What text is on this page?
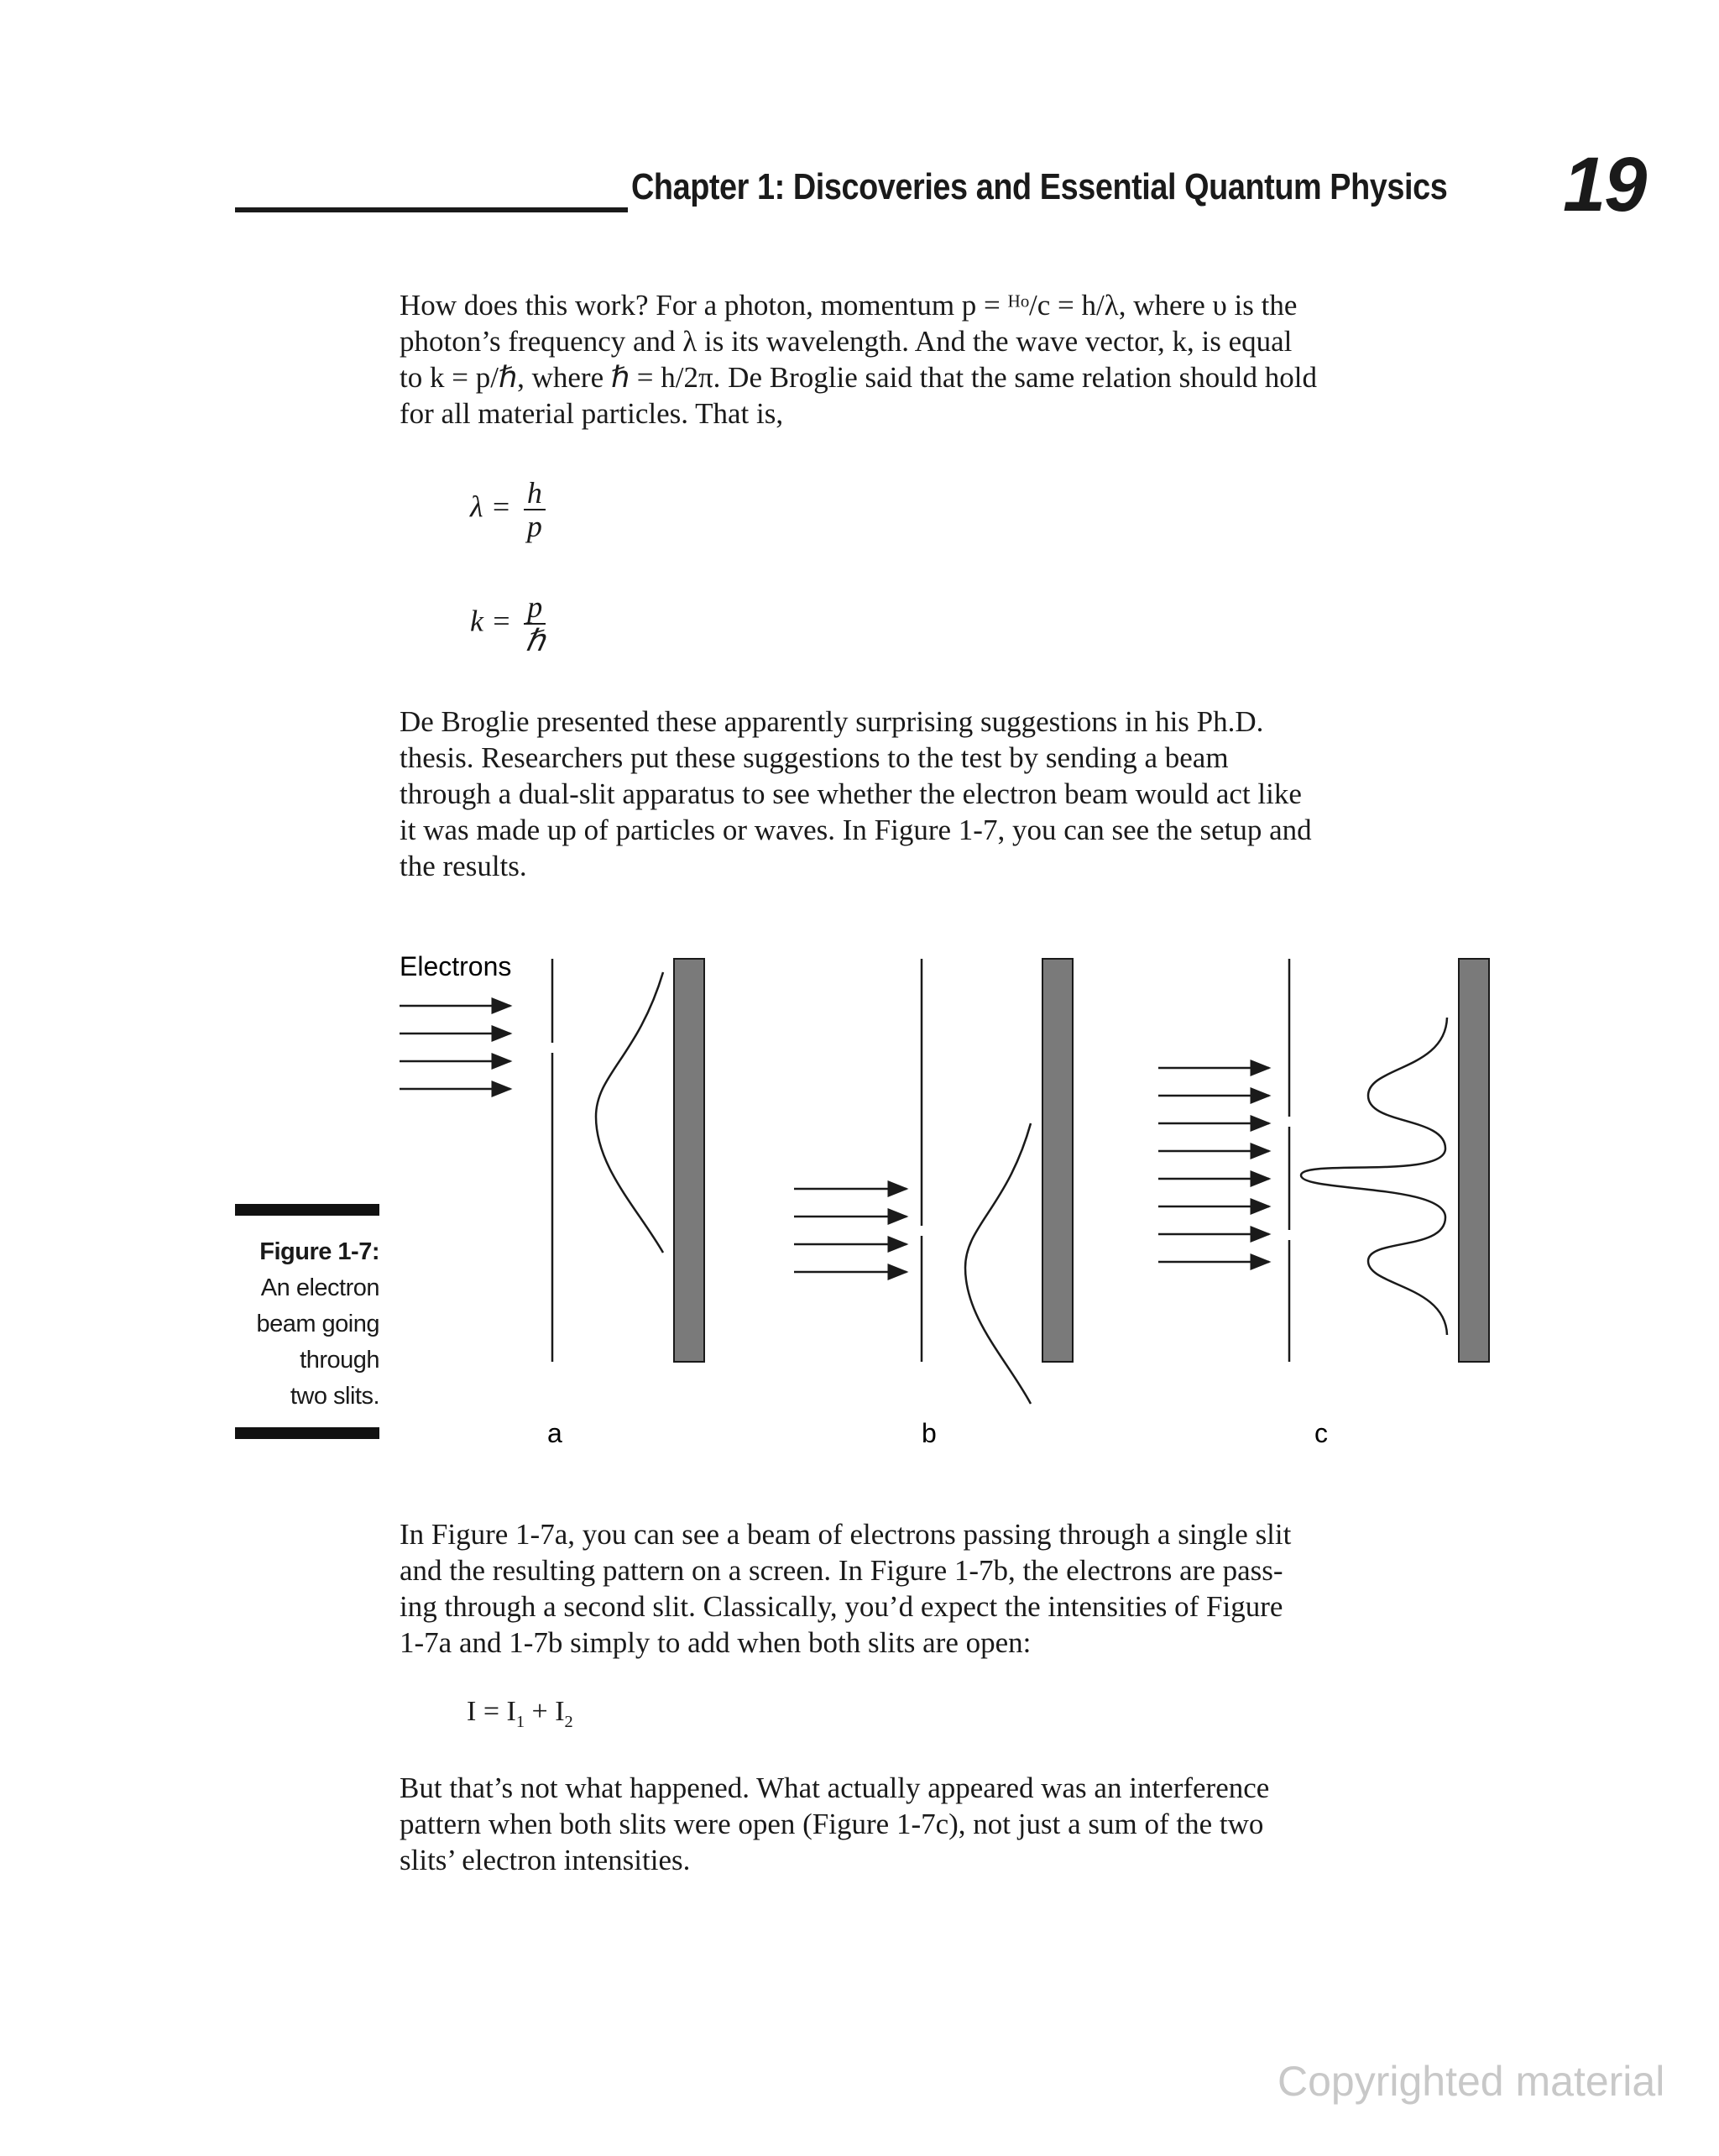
Chapter 1: Discoveries and Essential Quantum Physics 19

How does this work? For a photon, momentum p = ᴴᵒ/c = h/λ, where υ is the
photon’s frequency and λ is its wavelength. And the wave vector, k, is equal
to k = p/ℏ, where ℏ = h/2π. De Broglie said that the same relation should hold
for all material particles. That is,

$\lambda = \frac{h}{p}$
$k = \frac{p}{\text{ℏ}}$

De Broglie presented these apparently surprising suggestions in his Ph.D.
thesis. Researchers put these suggestions to the test by sending a beam
through a dual-slit apparatus to see whether the electron beam would act like
it was made up of particles or waves. In Figure 1-7, you can see the setup and
the results.

Figure 1-7:
An electron
beam going
through
two slits.
Electrons
a	b	c

In Figure 1-7a, you can see a beam of electrons passing through a single slit
and the resulting pattern on a screen. In Figure 1-7b, the electrons are pass-
ing through a second slit. Classically, you’d expect the intensities of Figure
1-7a and 1-7b simply to add when both slits are open:

$I = I_1 + I_2$

But that’s not what happened. What actually appeared was an interference
pattern when both slits were open (Figure 1-7c), not just a sum of the two
slits’ electron intensities.

Copyrighted material
